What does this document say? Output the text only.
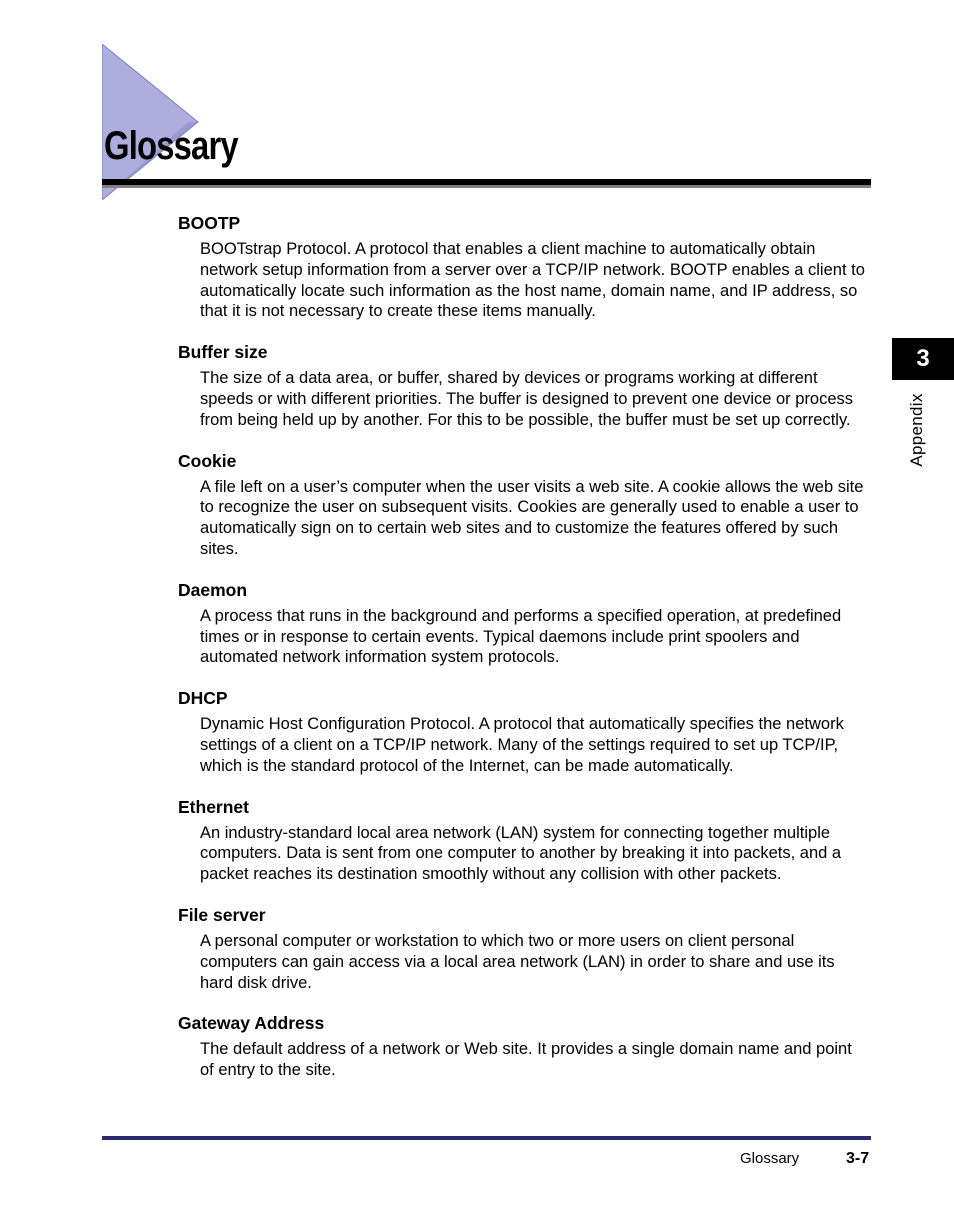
Glossary
3
Appendix
BOOTP

BOOTstrap Protocol. A protocol that enables a client machine to automatically obtain network setup information from a server over a TCP/IP network. BOOTP enables a client to automatically locate such information as the host name, domain name, and IP address, so that it is not necessary to create these items manually.

Buffer size

The size of a data area, or buffer, shared by devices or programs working at different speeds or with different priorities. The buffer is designed to prevent one device or process from being held up by another. For this to be possible, the buffer must be set up correctly.

Cookie

A file left on a user’s computer when the user visits a web site. A cookie allows the web site to recognize the user on subsequent visits. Cookies are generally used to enable a user to automatically sign on to certain web sites and to customize the features offered by such sites.

Daemon

A process that runs in the background and performs a specified operation, at predefined times or in response to certain events. Typical daemons include print spoolers and automated network information system protocols.

DHCP

Dynamic Host Configuration Protocol. A protocol that automatically specifies the network settings of a client on a TCP/IP network. Many of the settings required to set up TCP/IP, which is the standard protocol of the Internet, can be made automatically.

Ethernet

An industry-standard local area network (LAN) system for connecting together multiple computers. Data is sent from one computer to another by breaking it into packets, and a packet reaches its destination smoothly without any collision with other packets.

File server

A personal computer or workstation to which two or more users on client personal computers can gain access via a local area network (LAN) in order to share and use its hard disk drive.

Gateway Address

The default address of a network or Web site. It provides a single domain name and point of entry to the site.

Glossary	3-7
